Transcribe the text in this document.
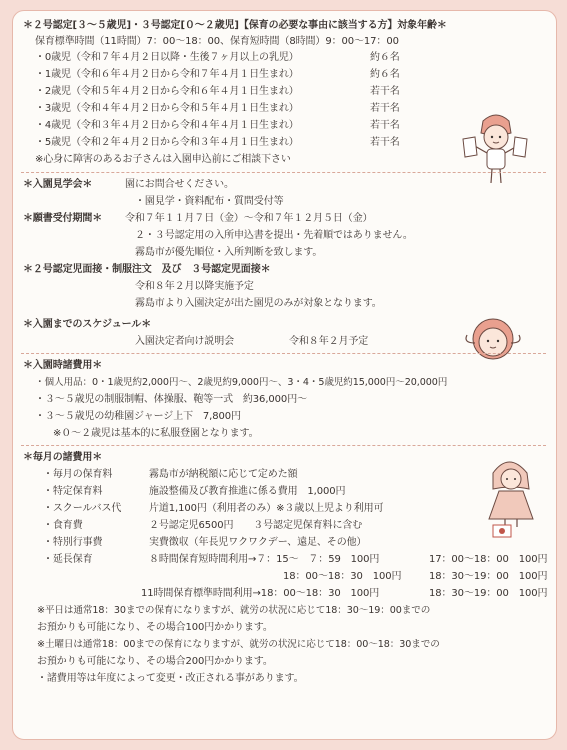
＊２号認定[３～５歳児]・３号認定[０～２歳児]【保育の必要な事由に該当する方】対象年齢＊
保育標準時間（11時間）7：00～18：00、保育短時間（8時間）9：00～17：00
・0歳児（令和７年４月２日以降・生後７ヶ月以上の乳児）	約６名
・1歳児（令和６年４月２日から令和７年４月１日生まれ）	約６名
・2歳児（令和５年４月２日から令和６年４月１日生まれ）	若干名
・3歳児（令和４年４月２日から令和５年４月１日生まれ）	若干名
・4歳児（令和３年４月２日から令和４年４月１日生まれ）	若干名
・5歳児（令和２年４月２日から令和３年４月１日生まれ）	若干名
※心身に障害のあるお子さんは入園申込前にご相談下さい
＊入園見学会＊	園にお問合せください。
・園見学・資料配布・質問受付等
＊願書受付期間＊ 令和７年１１月７日（金）～令和７年１２月５日（金）
２・３号認定用の入所申込書を提出・先着順ではありません。
霧島市が優先順位・入所判断を致します。
＊２号認定児面接・制服注文　及び　３号認定児面接＊
令和８年２月以降実施予定
霧島市より入園決定が出た園児のみが対象となります。
＊入園までのスケジュール＊
入園決定者向け説明会	令和８年２月予定
＊入園時諸費用＊
・個人用品：0・1歳児約2,000円～、2歳児約9,000円～、3・4・5歳児約15,000円～20,000円
・３～５歳児の制服制帽、体操服、鞄等一式　約36,000円～
・３～５歳児の幼稚園ジャージ上下　7,800円
※０～２歳児は基本的に私服登園となります。
＊毎月の諸費用＊
・毎月の保育料	霧島市が納税額に応じて定めた額
・特定保育料	施設整備及び教育推進に係る費用　1,000円
・スクールバス代	片道1,100円（利用者のみ）※３歳以上児より利用可
・食育費	２号認定児6500円　　３号認定児保育料に含む
・特別行事費	実費徴収（年長児ワクワクデー、遠足、その他）
・延長保育	８時間保育短時間利用→７：15～　７：59　100円	17：00～18：00　100円
18：00～18：30　100円	18：30～19：00　100円
11時間保育標準時間利用→18：00～18：30　100円	18：30～19：00　100円
※平日は通常18：30までの保育になりますが、就労の状況に応じて18：30～19：00までの
お預かりも可能になり、その場合100円かかります。
※土曜日は通常18：00までの保育になりますが、就労の状況に応じて18：00～18：30までの
お預かりも可能になり、その場合200円かかります。
・諸費用等は年度によって変更・改正される事があります。
